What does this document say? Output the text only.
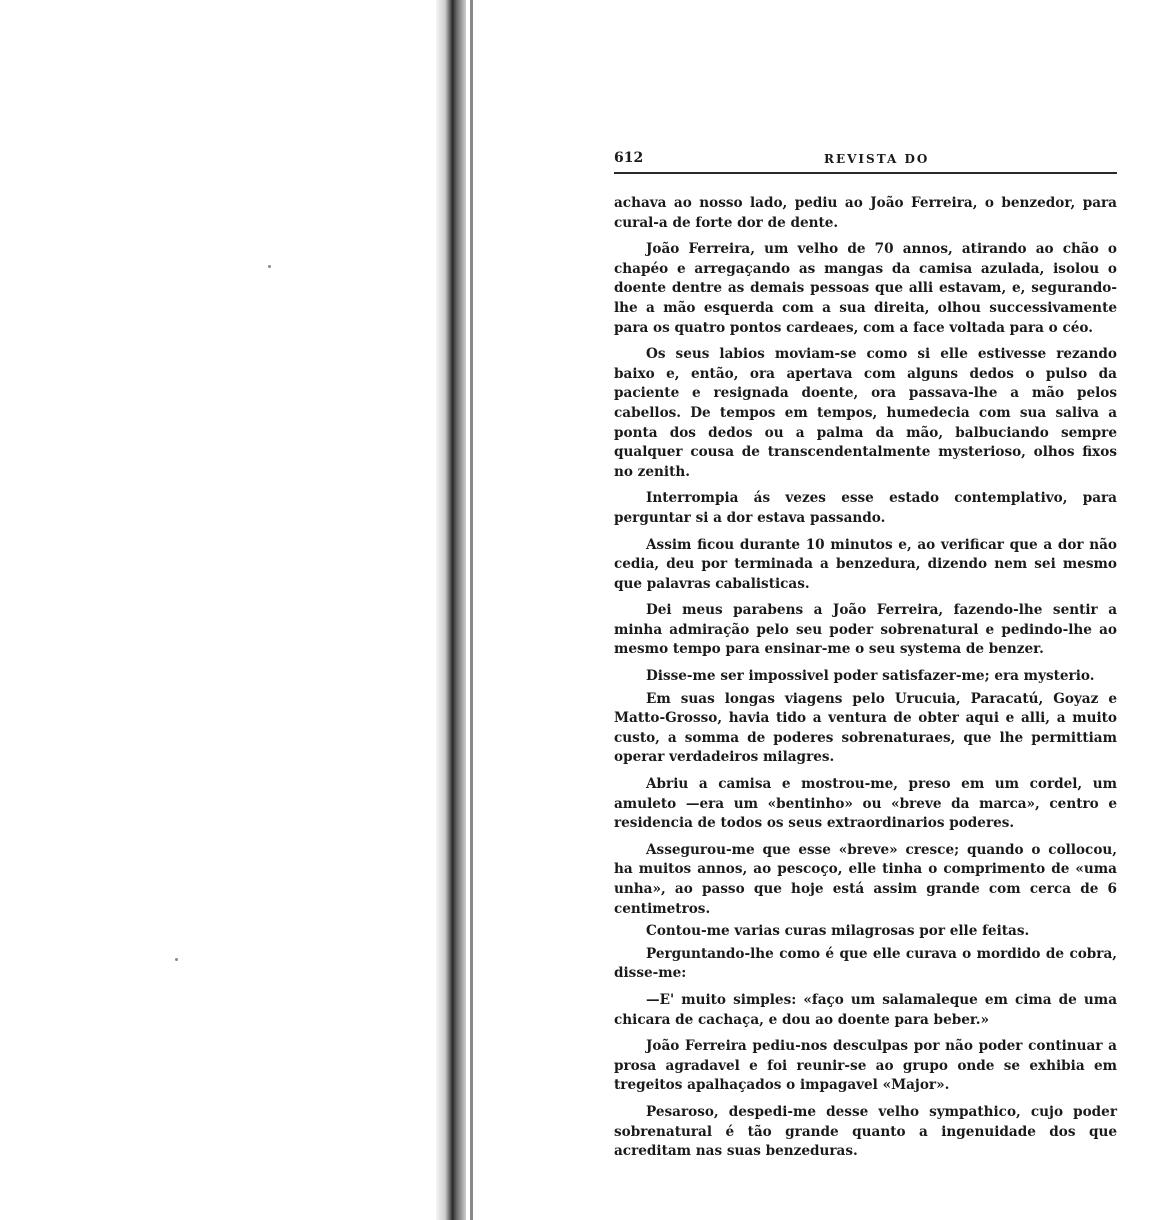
612	REVISTA DO

achava ao nosso lado, pediu ao João Ferreira, o benzedor, para cural-a de forte dor de dente.

João Ferreira, um velho de 70 annos, atirando ao chão o chapéo e arregaçando as mangas da camisa azulada, isolou o doente dentre as demais pessoas que alli estavam, e, segurando-lhe a mão esquerda com a sua direita, olhou successivamente para os quatro pontos cardeaes, com a face voltada para o céo.

Os seus labios moviam-se como si elle estivesse rezando baixo e, então, ora apertava com alguns dedos o pulso da paciente e resignada doente, ora passava-lhe a mão pelos cabellos. De tempos em tempos, humedecia com sua saliva a ponta dos dedos ou a palma da mão, balbuciando sempre qualquer cousa de transcendentalmente mysterioso, olhos fixos no zenith.

Interrompia ás vezes esse estado contemplativo, para perguntar si a dor estava passando.

Assim ficou durante 10 minutos e, ao verificar que a dor não cedia, deu por terminada a benzedura, dizendo nem sei mesmo que palavras cabalisticas.

Dei meus parabens a João Ferreira, fazendo-lhe sentir a minha admiração pelo seu poder sobrenatural e pedindo-lhe ao mesmo tempo para ensinar-me o seu systema de benzer.

Disse-me ser impossivel poder satisfazer-me; era mysterio.

Em suas longas viagens pelo Urucuia, Paracatú, Goyaz e Matto-Grosso, havia tido a ventura de obter aqui e alli, a muito custo, a somma de poderes sobrenaturaes, que lhe permittiam operar verdadeiros milagres.

Abriu a camisa e mostrou-me, preso em um cordel, um amuleto —era um «bentinho» ou «breve da marca», centro e residencia de todos os seus extraordinarios poderes.

Assegurou-me que esse «breve» cresce; quando o collocou, ha muitos annos, ao pescoço, elle tinha o comprimento de «uma unha», ao passo que hoje está assim grande com cerca de 6 centimetros.

Contou-me varias curas milagrosas por elle feitas.

Perguntando-lhe como é que elle curava o mordido de cobra, disse-me:

—E' muito simples: «faço um salamaleque em cima de uma chicara de cachaça, e dou ao doente para beber.»

João Ferreira pediu-nos desculpas por não poder continuar a prosa agradavel e foi reunir-se ao grupo onde se exhibia em tregeitos apalhaçados o impagavel «Major».

Pesaroso, despedi-me desse velho sympathico, cujo poder sobrenatural é tão grande quanto a ingenuidade dos que acreditam nas suas benzeduras.
